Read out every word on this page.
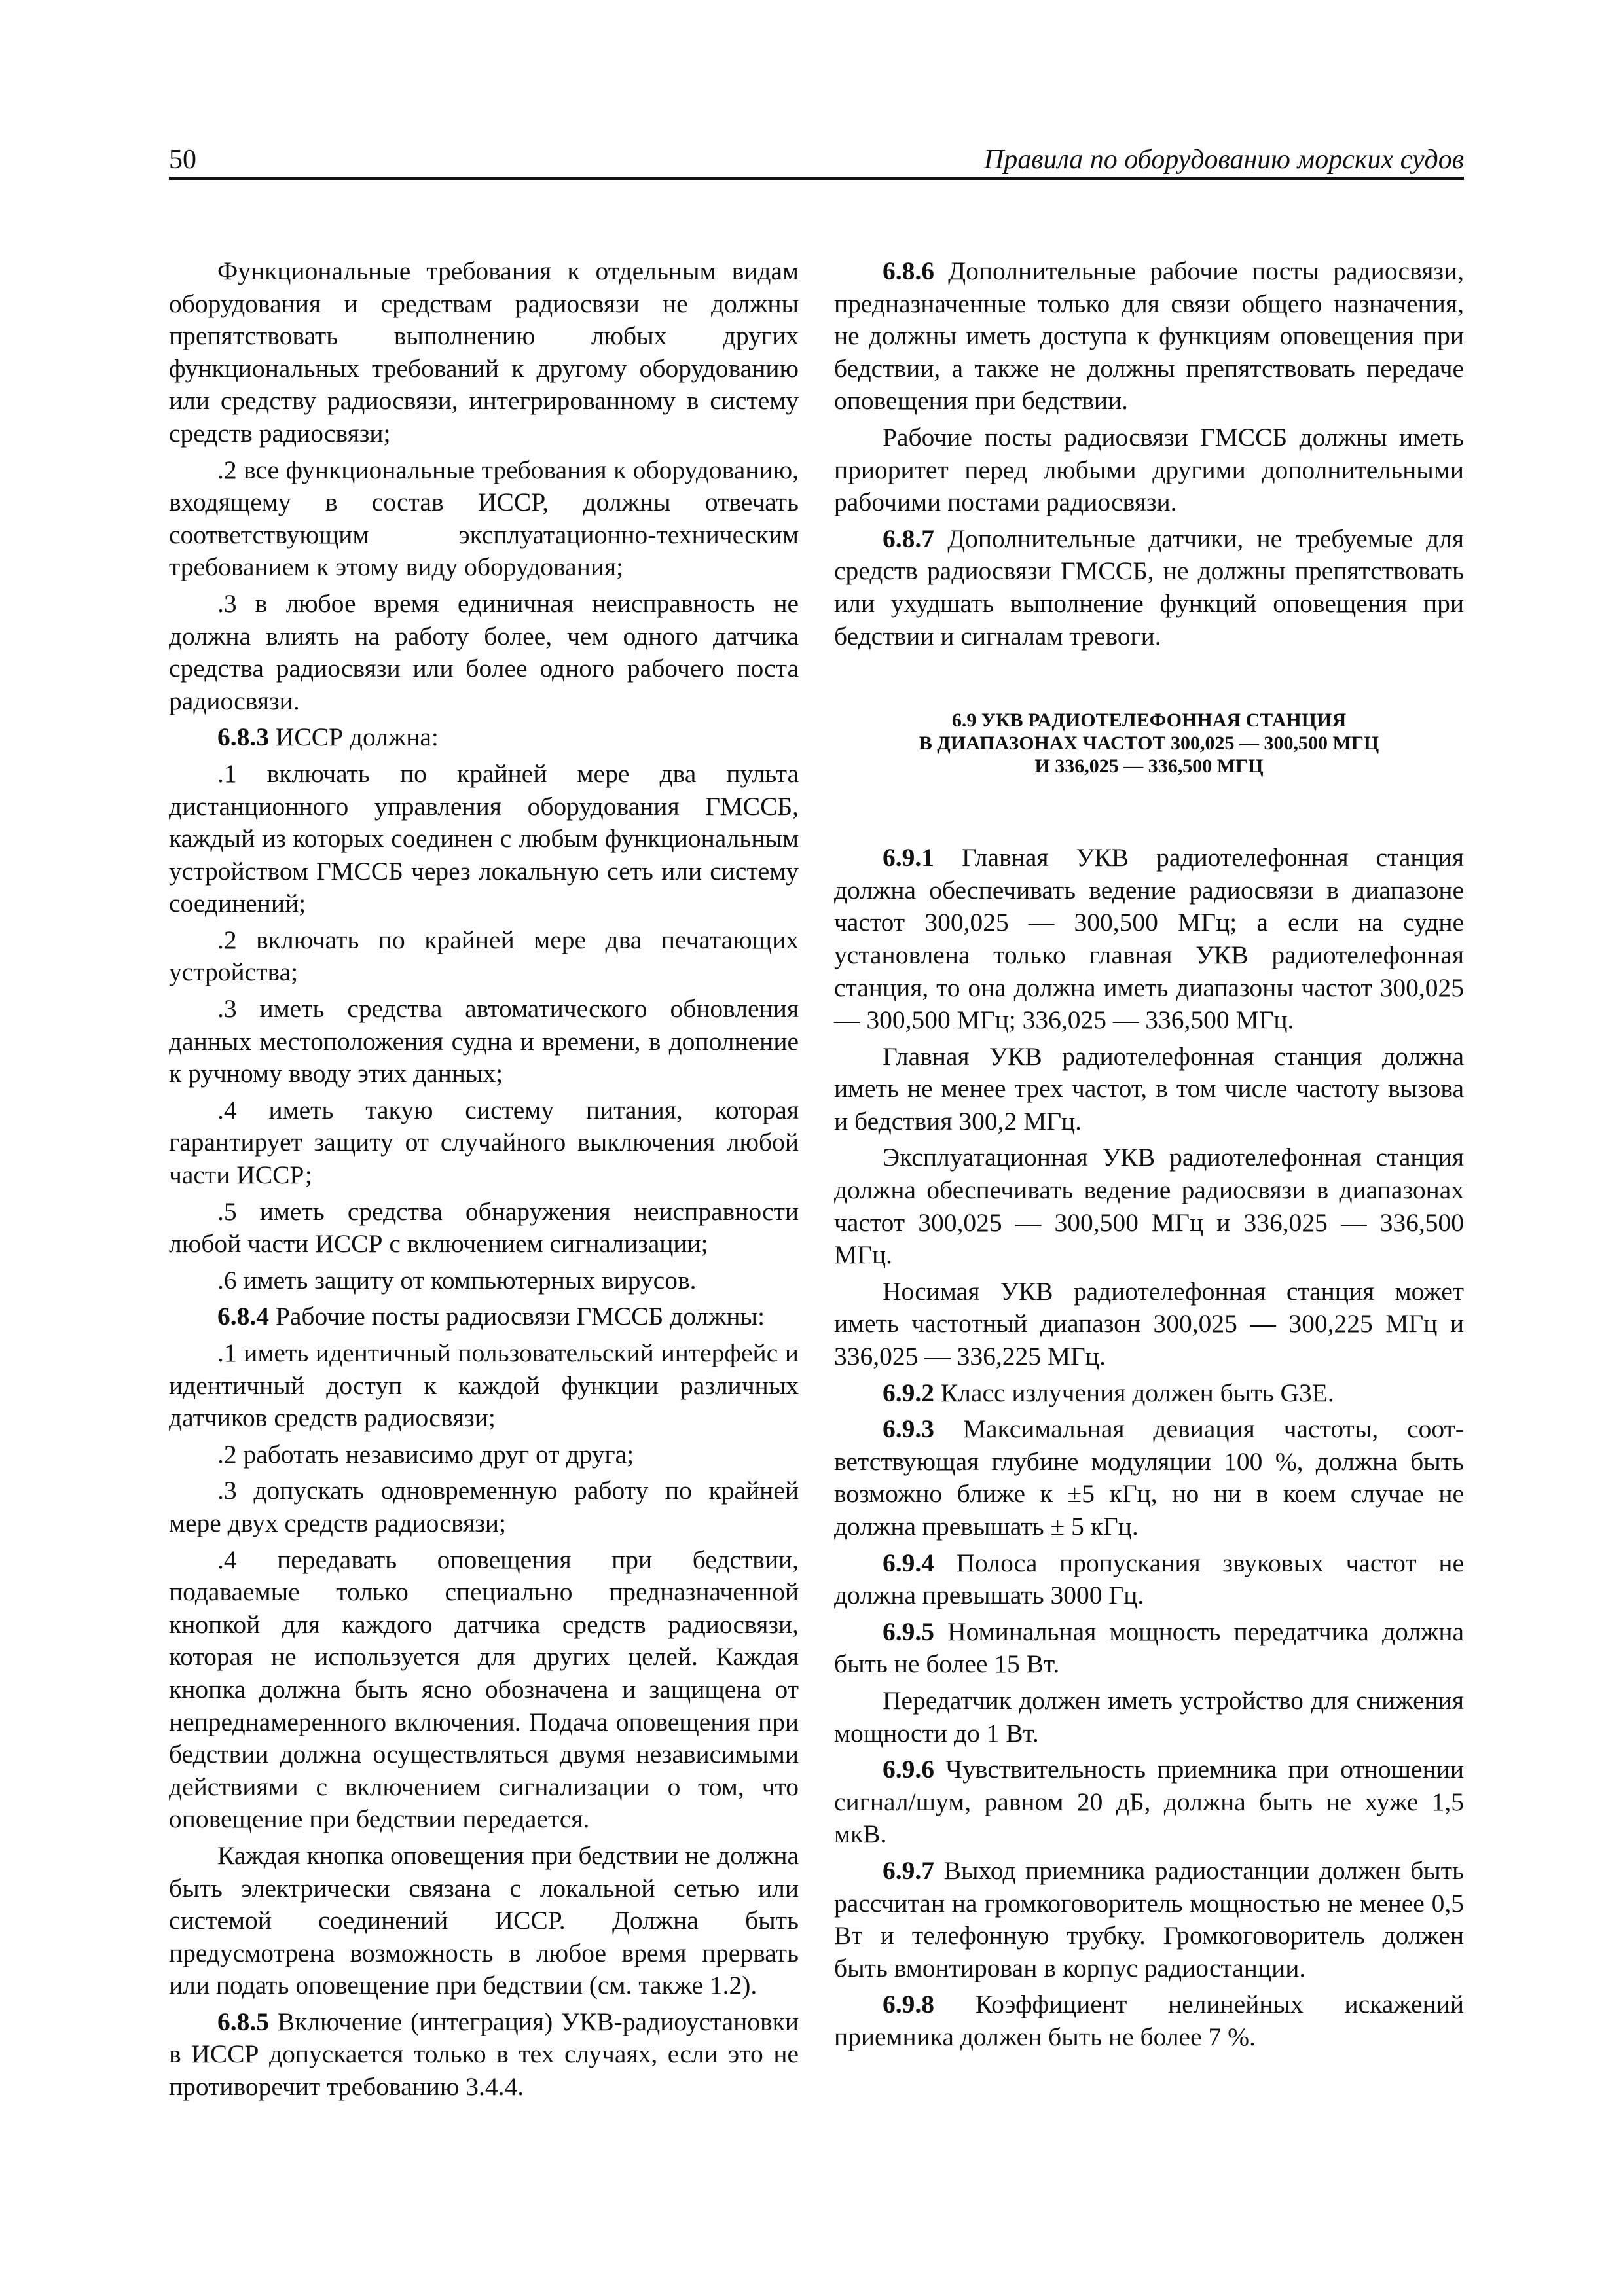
50	Правила по оборудованию морских судов

Функциональные требования к отдельным видам оборудования и средствам радиосвязи не должны препятствовать выполнению любых других функциональных требований к другому оборудованию или средству радиосвязи, интегрированному в систему средств радиосвязи;

.2 все функциональные требования к оборудованию, входящему в состав ИССР, должны отвечать соответствующим эксплуатационно-техническим требованием к этому виду оборудования;

.3 в любое время единичная неисправность не должна влиять на работу более, чем одного датчика средства радиосвязи или более одного рабочего поста радиосвязи.

6.8.3 ИССР должна:

.1 включать по крайней мере два пульта дистанционного управления оборудования ГМССБ, каждый из которых соединен с любым функциональным устройством ГМССБ через локальную сеть или систему соединений;

.2 включать по крайней мере два печатающих устройства;

.3 иметь средства автоматического обновления данных местоположения судна и времени, в дополнение к ручному вводу этих данных;

.4 иметь такую систему питания, которая гарантирует защиту от случайного выключения любой части ИССР;

.5 иметь средства обнаружения неисправности любой части ИССР с включением сигнализации;

.6 иметь защиту от компьютерных вирусов.

6.8.4 Рабочие посты радиосвязи ГМССБ должны:

.1 иметь идентичный пользовательский интерфейс и идентичный доступ к каждой функции различных датчиков средств радиосвязи;

.2 работать независимо друг от друга;

.3 допускать одновременную работу по крайней мере двух средств радиосвязи;

.4 передавать оповещения при бедствии, подаваемые только специально предназначенной кнопкой для каждого датчика средств радиосвязи, которая не используется для других целей. Каждая кнопка должна быть ясно обозначена и защищена от непреднамеренного включения. Подача оповещения при бедствии должна осуществляться двумя независимыми действиями с включением сигнализации о том, что оповещение при бедствии передается.

Каждая кнопка оповещения при бедствии не должна быть электрически связана с локальной сетью или системой соединений ИССР. Должна быть предусмотрена возможность в любое время прервать или подать оповещение при бедствии (см. также 1.2).

6.8.5 Включение (интеграция) УКВ-радиоустановки в ИССР допускается только в тех случаях, если это не противоречит требованию 3.4.4.

6.8.6 Дополнительные рабочие посты радиосвязи, предназначенные только для связи общего назначения, не должны иметь доступа к функциям оповещения при бедствии, а также не должны препятствовать передаче оповещения при бедствии.

Рабочие посты радиосвязи ГМССБ должны иметь приоритет перед любыми другими дополнительными рабочими постами радиосвязи.

6.8.7 Дополнительные датчики, не требуемые для средств радиосвязи ГМССБ, не должны препятствовать или ухудшать выполнение функций оповещения при бедствии и сигналам тревоги.

6.9 УКВ РАДИОТЕЛЕФОННАЯ СТАНЦИЯ
В ДИАПАЗОНАХ ЧАСТОТ 300,025 — 300,500 МГЦ
И 336,025 — 336,500 МГЦ

6.9.1 Главная УКВ радиотелефонная станция должна обеспечивать ведение радиосвязи в диапазоне частот 300,025 — 300,500 МГц; а если на судне установлена только главная УКВ радиотелефонная станция, то она должна иметь диапазоны частот 300,025 — 300,500 МГц; 336,025 — 336,500 МГц.

Главная УКВ радиотелефонная станция должна иметь не менее трех частот, в том числе частоту вызова и бедствия 300,2 МГц.

Эксплуатационная УКВ радиотелефонная станция должна обеспечивать ведение радиосвязи в диапазонах частот 300,025 — 300,500 МГц и 336,025 — 336,500 МГц.

Носимая УКВ радиотелефонная станция может иметь частотный диапазон 300,025 — 300,225 МГц и 336,025 — 336,225 МГц.

6.9.2 Класс излучения должен быть G3E.

6.9.3 Максимальная девиация частоты, соответствующая глубине модуляции 100 %, должна быть возможно ближе к ±5 кГц, но ни в коем случае не должна превышать ± 5 кГц.

6.9.4 Полоса пропускания звуковых частот не должна превышать 3000 Гц.

6.9.5 Номинальная мощность передатчика должна быть не более 15 Вт.

Передатчик должен иметь устройство для снижения мощности до 1 Вт.

6.9.6 Чувствительность приемника при отношении сигнал/шум, равном 20 дБ, должна быть не хуже 1,5 мкВ.

6.9.7 Выход приемника радиостанции должен быть рассчитан на громкоговоритель мощностью не менее 0,5 Вт и телефонную трубку. Громкоговоритель должен быть вмонтирован в корпус радиостанции.

6.9.8 Коэффициент нелинейных искажений приемника должен быть не более 7 %.
